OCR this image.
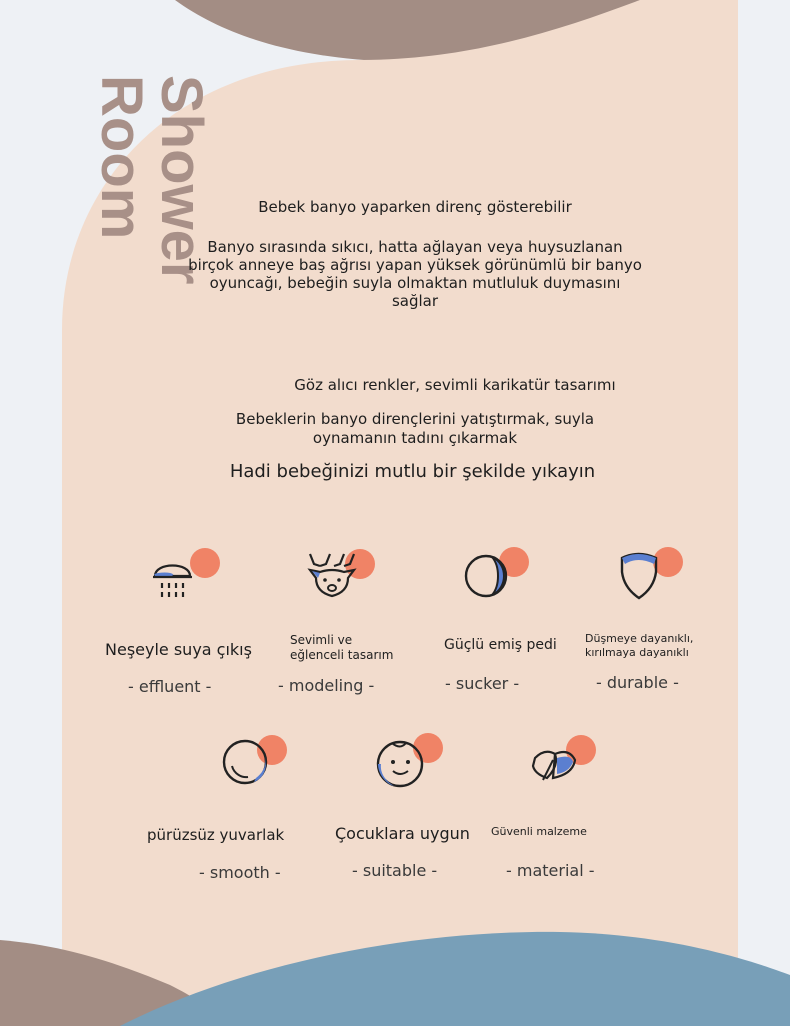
Shower
Room	Bebek banyo yaparken direnç gösterebilir
Banyo sırasında sıkıcı, hatta ağlayan veya huysuzlanan
birçok anneye baş ağrısı yapan yüksek görünümlü bir banyo
oyuncağı, bebeğin suyla olmaktan mutluluk duymasını
sağlar
Göz alıcı renkler, sevimli karikatür tasarımı
Bebeklerin banyo dirençlerini yatıştırmak, suyla
oynamanın tadını çıkarmak
Hadi bebeğinizi mutlu bir şekilde yıkayın
Neşeyle suya çıkış
- effluent -
Sevimli ve
eğlenceli tasarım
- modeling -
Güçlü emiş pedi
- sucker -
Düşmeye dayanıklı,
kırılmaya dayanıklı
- durable -
pürüzsüz yuvarlak
- smooth -
Çocuklara uygun
- suitable -
Güvenli malzeme
- material -
